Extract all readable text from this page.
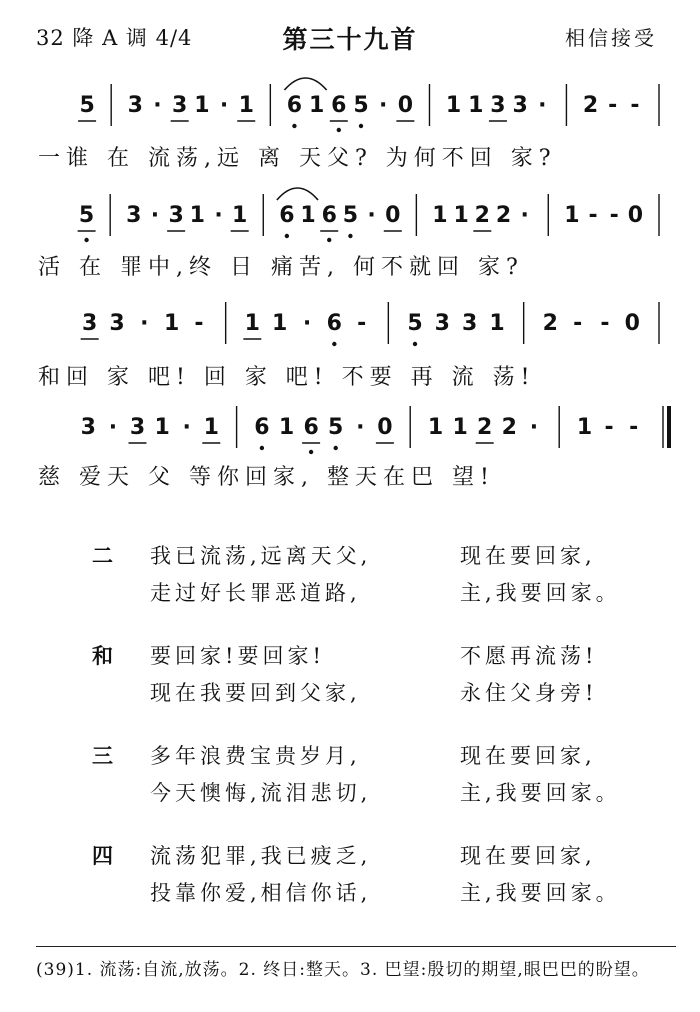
32 降 A 调 4/4	第三十九首	相信接受
5 3 · 3 1 · 1 6 1 6 5 · 0 1 1 3 3 · 2 - -
一谁 在 流荡,远 离 天父? 为何不回 家?
5 3 · 3 1 · 1 6 1 6 5 · 0 1 1 2 2 · 1 - - 0
活 在 罪中,终 日 痛苦, 何不就回 家?
3 3 · 1 - 1 1 · 6 - 5 3 3 1 2 - - 0
和回 家 吧! 回 家 吧! 不要 再 流 荡!
3 · 3 1 · 1 6 1 6 5 · 0 1 1 2 2 · 1 - -
慈 爱天 父 等你回家, 整天在巴 望!
二 我已流荡,远离天父,	现在要回家,
走过好长罪恶道路,	主,我要回家。
和 要回家!要回家!	不愿再流荡!
现在我要回到父家,	永住父身旁!
三 多年浪费宝贵岁月,	现在要回家,
今天懊悔,流泪悲切,	主,我要回家。
四 流荡犯罪,我已疲乏,	现在要回家,
投靠你爱,相信你话,	主,我要回家。
(39)1. 流荡:自流,放荡。2. 终日:整天。3. 巴望:殷切的期望,眼巴巴的盼望。
